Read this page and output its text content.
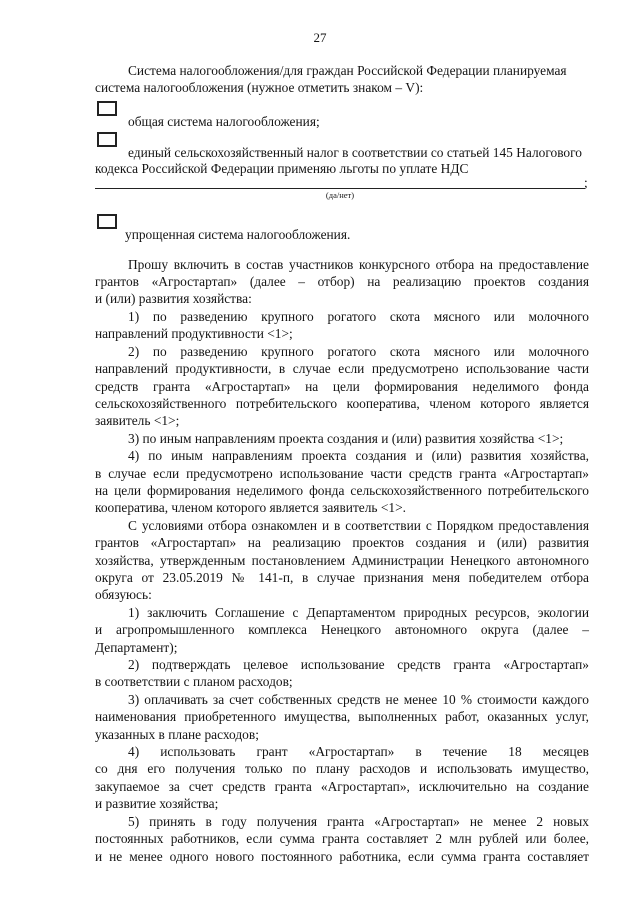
27
Система налогообложения/для граждан Российской Федерации планируемая
система налогообложения (нужное отметить знаком – V):
общая система налогообложения;
единый сельскохозяйственный налог в соответствии со статьей 145 Налогового
кодекса Российской Федерации применяю льготы по уплате НДС
;
(да/нет)
упрощенная система налогообложения.
Прошу включить в состав участников конкурсного отбора на предоставление
грантов «Агростартап» (далее – отбор) на реализацию проектов создания
и (или) развития хозяйства:
1) по разведению крупного рогатого скота мясного или молочного
направлений продуктивности <1>;
2) по разведению крупного рогатого скота мясного или молочного
направлений продуктивности, в случае если предусмотрено использование части
средств гранта «Агростартап» на цели формирования неделимого фонда
сельскохозяйственного потребительского кооператива, членом которого является
заявитель <1>;
3) по иным направлениям проекта создания и (или) развития хозяйства <1>;
4) по иным направлениям проекта создания и (или) развития хозяйства,
в случае если предусмотрено использование части средств гранта «Агростартап»
на цели формирования неделимого фонда сельскохозяйственного потребительского
кооператива, членом которого является заявитель <1>.
С условиями отбора ознакомлен и в соответствии с Порядком предоставления
грантов «Агростартап» на реализацию проектов создания и (или) развития
хозяйства, утвержденным постановлением Администрации Ненецкого автономного
округа от 23.05.2019 № 141-п, в случае признания меня победителем отбора
обязуюсь:
1) заключить Соглашение с Департаментом природных ресурсов, экологии
и агропромышленного комплекса Ненецкого автономного округа (далее –
Департамент);
2) подтверждать целевое использование средств гранта «Агростартап»
в соответствии с планом расходов;
3) оплачивать за счет собственных средств не менее 10 % стоимости каждого
наименования приобретенного имущества, выполненных работ, оказанных услуг,
указанных в плане расходов;
4) использовать грант «Агростартап» в течение 18 месяцев
со дня его получения только по плану расходов и использовать имущество,
закупаемое за счет средств гранта «Агростартап», исключительно на создание
и развитие хозяйства;
5) принять в году получения гранта «Агростартап» не менее 2 новых
постоянных работников, если сумма гранта составляет 2 млн рублей или более,
и не менее одного нового постоянного работника, если сумма гранта составляет
